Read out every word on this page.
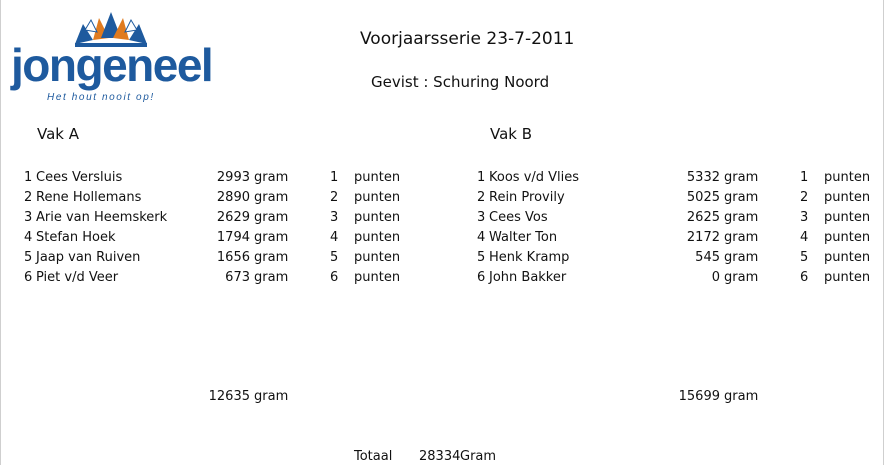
jongeneel
Het hout nooit op!
Voorjaarsserie 23-7-2011
Gevist : Schuring Noord
Vak A	Vak B
1 Cees Versluis	2993 gram	1 punten
2 Rene Hollemans	2890 gram	2 punten
3 Arie van Heemskerk	2629 gram	3 punten
4 Stefan Hoek	1794 gram	4 punten
5 Jaap van Ruiven	1656 gram	5 punten
6 Piet v/d Veer	673 gram	6 punten
1 Koos v/d Vlies	5332 gram	1 punten
2 Rein Provily	5025 gram	2 punten
3 Cees Vos	2625 gram	3 punten
4 Walter Ton	2172 gram	4 punten
5 Henk Kramp	545 gram	5 punten
6 John Bakker	0 gram	6 punten
12635 gram	15699 gram
Totaal 28334 Gram
